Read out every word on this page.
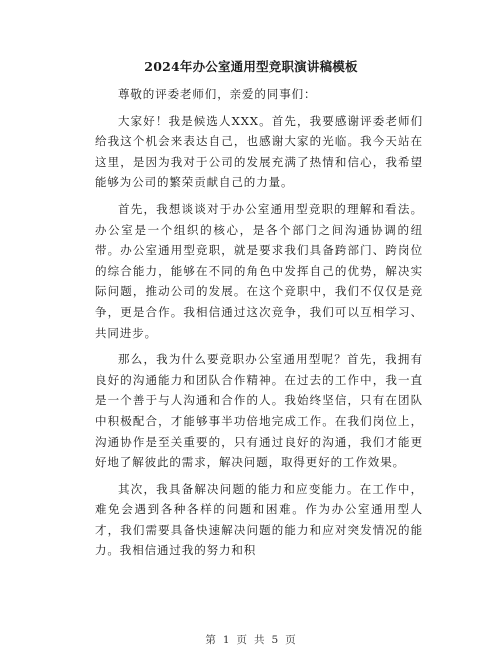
2024年办公室通用型竞职演讲稿模板

尊敬的评委老师们，亲爱的同事们：

大家好！我是候选人XXX。首先，我要感谢评委老师们给我这个机会来表达自己，也感谢大家的光临。我今天站在这里，是因为我对于公司的发展充满了热情和信心，我希望能够为公司的繁荣贡献自己的力量。

首先，我想谈谈对于办公室通用型竞职的理解和看法。办公室是一个组织的核心，是各个部门之间沟通协调的纽带。办公室通用型竞职，就是要求我们具备跨部门、跨岗位的综合能力，能够在不同的角色中发挥自己的优势，解决实际问题，推动公司的发展。在这个竞职中，我们不仅仅是竞争，更是合作。我相信通过这次竞争，我们可以互相学习、共同进步。

那么，我为什么要竞职办公室通用型呢？首先，我拥有良好的沟通能力和团队合作精神。在过去的工作中，我一直是一个善于与人沟通和合作的人。我始终坚信，只有在团队中积极配合，才能够事半功倍地完成工作。在我们岗位上，沟通协作是至关重要的，只有通过良好的沟通，我们才能更好地了解彼此的需求，解决问题，取得更好的工作效果。

其次，我具备解决问题的能力和应变能力。在工作中，难免会遇到各种各样的问题和困难。作为办公室通用型人才，我们需要具备快速解决问题的能力和应对突发情况的能力。我相信通过我的努力和积

第 1 页 共 5 页
